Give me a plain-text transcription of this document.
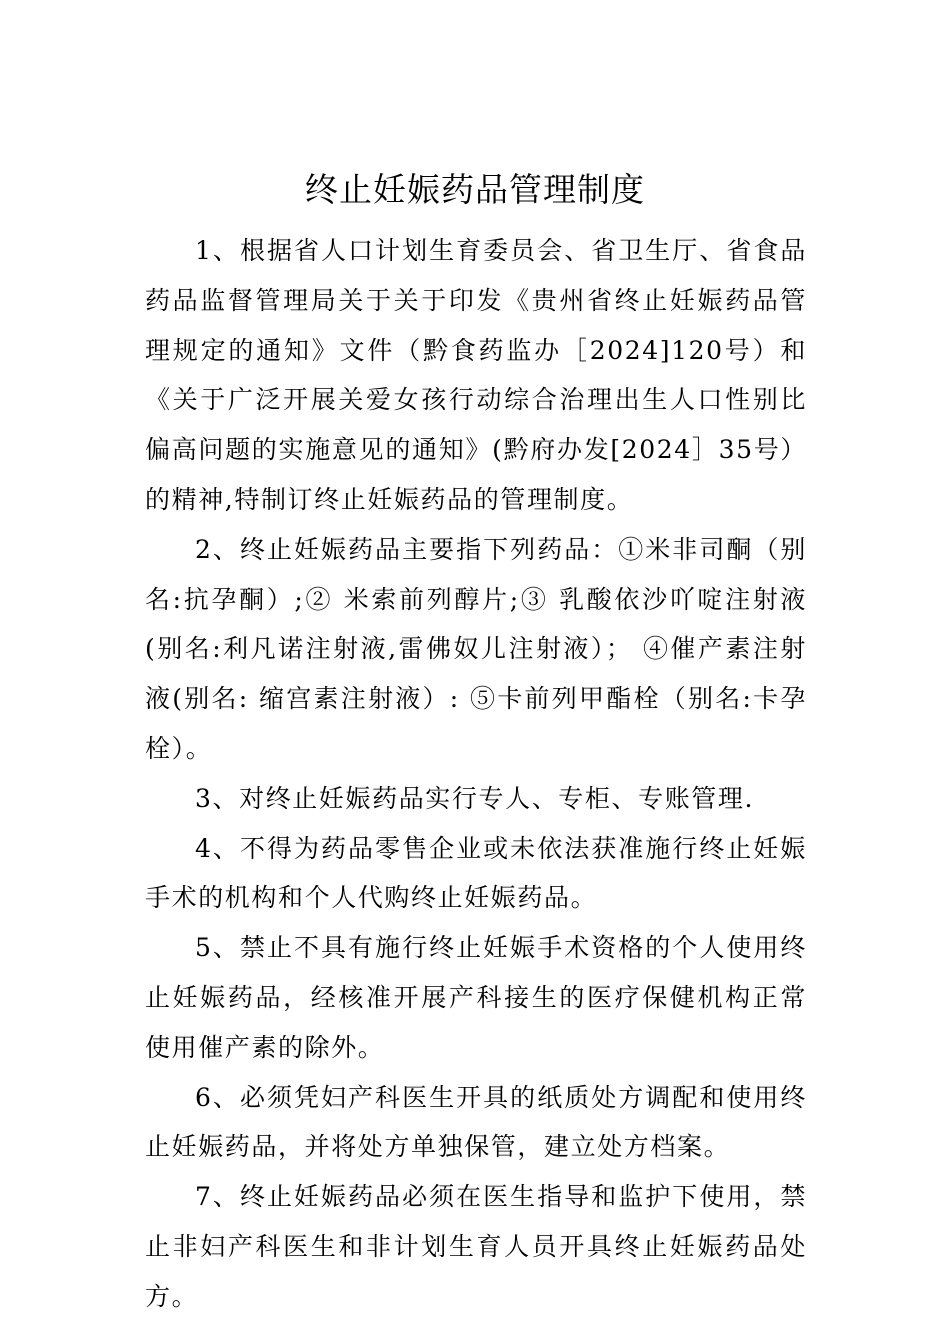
终止妊娠药品管理制度

1、根据省人口计划生育委员会、省卫生厅、省食品药品监督管理局关于关于印发《贵州省终止妊娠药品管理规定的通知》文件（黔食药监办［2024]120号）和《关于广泛开展关爱女孩行动综合治理出生人口性别比偏高问题的实施意见的通知》(黔府办发[2024］35号）的精神,特制订终止妊娠药品的管理制度。

2、终止妊娠药品主要指下列药品：①米非司酮（别名:抗孕酮）;② 米索前列醇片;③ 乳酸依沙吖啶注射液(别名:利凡诺注射液,雷佛奴儿注射液）； ④催产素注射液(别名: 缩宫素注射液）: ⑤卡前列甲酯栓（别名:卡孕栓）。

3、对终止妊娠药品实行专人、专柜、专账管理.

4、不得为药品零售企业或未依法获准施行终止妊娠手术的机构和个人代购终止妊娠药品。

5、禁止不具有施行终止妊娠手术资格的个人使用终止妊娠药品，经核准开展产科接生的医疗保健机构正常使用催产素的除外。

6、必须凭妇产科医生开具的纸质处方调配和使用终止妊娠药品，并将处方单独保管，建立处方档案。

7、终止妊娠药品必须在医生指导和监护下使用，禁止非妇产科医生和非计划生育人员开具终止妊娠药品处方。
